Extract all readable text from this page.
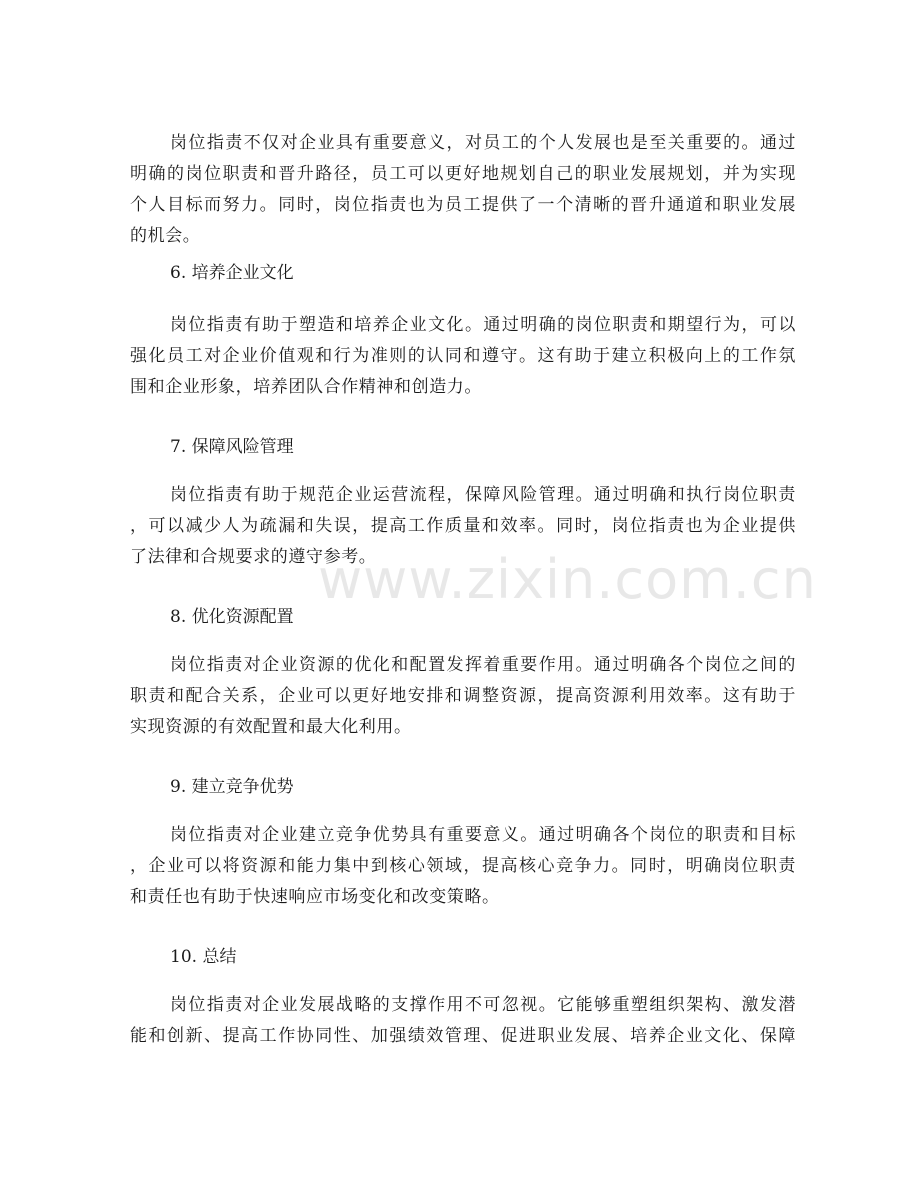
岗位指责不仅对企业具有重要意义，对员工的个人发展也是至关重要的。通过
明确的岗位职责和晋升路径，员工可以更好地规划自己的职业发展规划，并为实现
个人目标而努力。同时，岗位指责也为员工提供了一个清晰的晋升通道和职业发展
的机会。
6. 培养企业文化
岗位指责有助于塑造和培养企业文化。通过明确的岗位职责和期望行为，可以
强化员工对企业价值观和行为准则的认同和遵守。这有助于建立积极向上的工作氛
围和企业形象，培养团队合作精神和创造力。
7. 保障风险管理
岗位指责有助于规范企业运营流程，保障风险管理。通过明确和执行岗位职责
，可以减少人为疏漏和失误，提高工作质量和效率。同时，岗位指责也为企业提供
了法律和合规要求的遵守参考。
8. 优化资源配置
岗位指责对企业资源的优化和配置发挥着重要作用。通过明确各个岗位之间的
职责和配合关系，企业可以更好地安排和调整资源，提高资源利用效率。这有助于
实现资源的有效配置和最大化利用。
9. 建立竞争优势
岗位指责对企业建立竞争优势具有重要意义。通过明确各个岗位的职责和目标
，企业可以将资源和能力集中到核心领域，提高核心竞争力。同时，明确岗位职责
和责任也有助于快速响应市场变化和改变策略。
10. 总结
岗位指责对企业发展战略的支撑作用不可忽视。它能够重塑组织架构、激发潜
能和创新、提高工作协同性、加强绩效管理、促进职业发展、培养企业文化、保障
www.zixin.com.cn
